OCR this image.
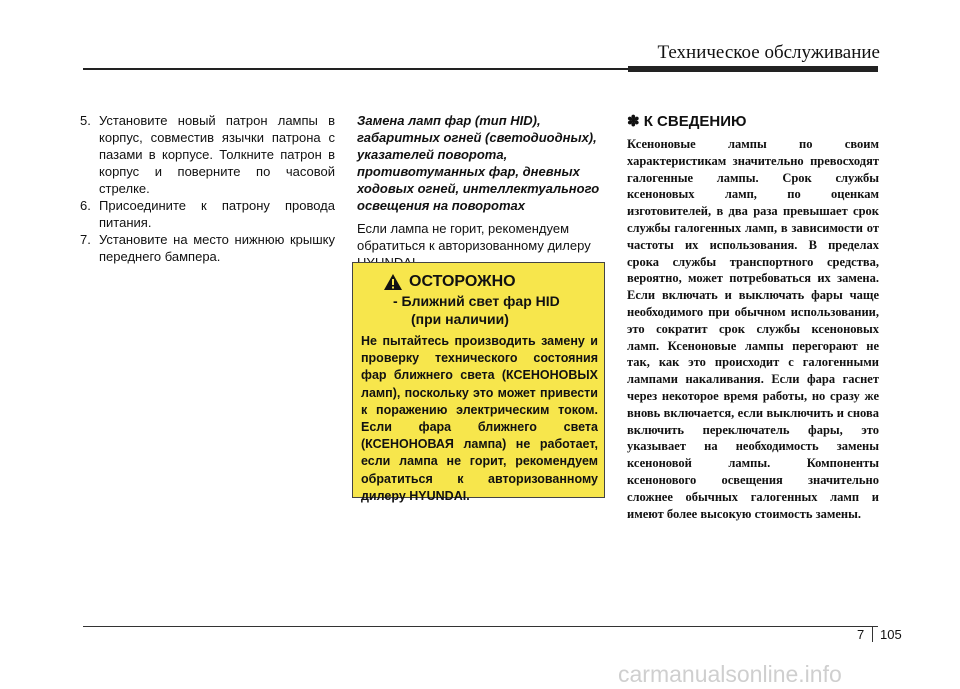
Техническое обслуживание

5. Установите новый патрон лампы в корпус, совместив язычки патрона с пазами в корпусе. Толкните патрон в корпус и поверните по часовой стрелке.

6. Присоедините к патрону провода питания.

7. Установите на место нижнюю крышку переднего бампера.

Замена ламп фар (тип HID), габаритных огней (светодиодных), указателей поворота, противотуманных фар, дневных ходовых огней, интеллектуального освещения на поворотах

Если лампа не горит, рекомендуем обратиться к авторизованному дилеру

ОСТОРОЖНО
- Ближний свет фар HID
(при наличии)
Не пытайтесь производить замену и проверку технического состояния фар ближнего света (КСЕНОНОВЫХ ламп), поскольку это может привести к поражению электрическим током. Если фара ближнего света (КСЕНОНОВАЯ лампа) не работает, если лампа не горит, рекомендуем обратиться к авторизованному дилеру HYUNDAI.

✽ К СВЕДЕНИЮ

Ксеноновые лампы по своим характеристикам значительно превосходят галогенные лампы. Срок службы ксеноновых ламп, по оценкам изготовителей, в два раза превышает срок службы галогенных ламп, в зависимости от частоты их использования. В пределах срока службы транспортного средства, вероятно, может потребоваться их замена. Если включать и выключать фары чаще необходимого при обычном использовании, это сократит срок службы ксеноновых ламп. Ксеноновые лампы перегорают не так, как это происходит с галогенными лампами накаливания. Если фара гаснет через некоторое время работы, но сразу же вновь включается, если выключить и снова включить переключатель фары, это указывает на необходимость замены ксеноновой лампы. Компоненты ксенонового освещения значительно сложнее обычных галогенных ламп и имеют более высокую стоимость замены.

7 105
carmanualsonline.info
